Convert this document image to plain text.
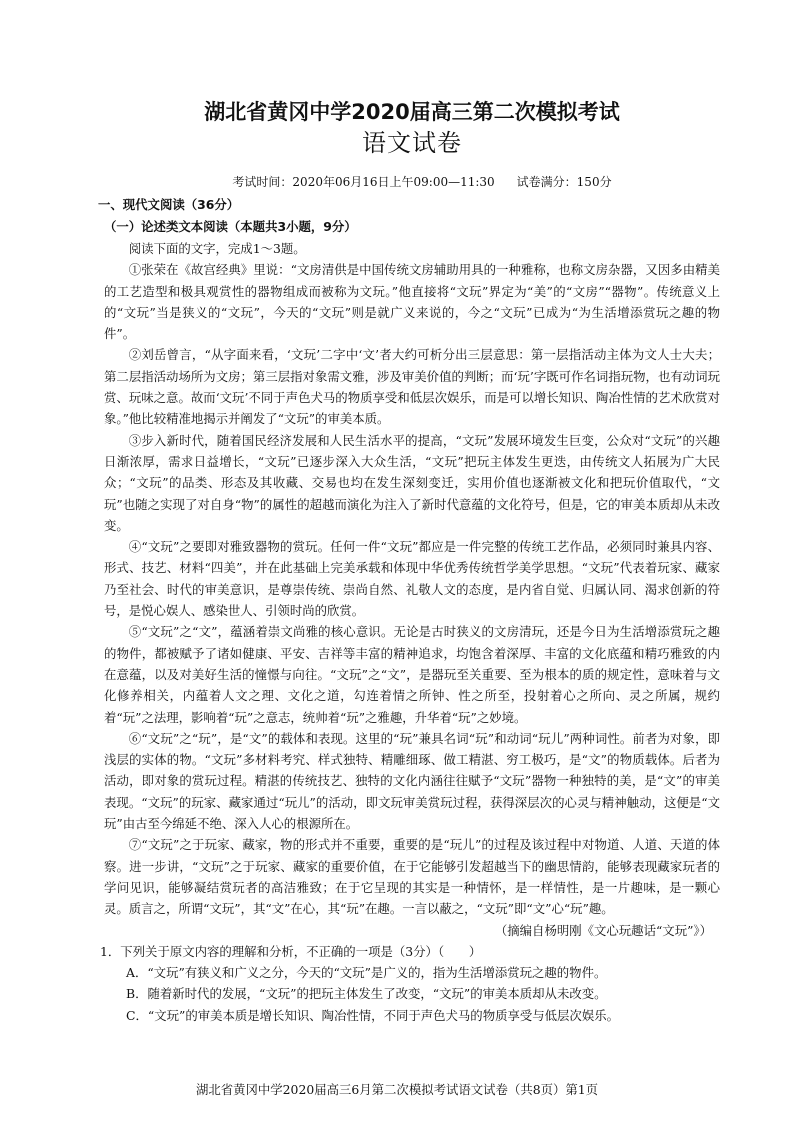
湖北省黄冈中学2020届高三第二次模拟考试
语文试卷
考试时间：2020年06月16日上午09:00—11:30 试卷满分：150分
一、现代文阅读（36分）
（一）论述类文本阅读（本题共3小题，9分）

阅读下面的文字，完成1～3题。

①张荣在《故宫经典》里说：“文房清供是中国传统文房辅助用具的一种雅称，也称文房杂器，又因多由精美的工艺造型和极具观赏性的器物组成而被称为文玩。”他直接将“文玩”界定为“美”的“文房”“器物”。传统意义上的“文玩”当是狭义的“文玩”，今天的“文玩”则是就广义来说的，今之“文玩”已成为“为生活增添赏玩之趣的物件”。

②刘岳曾言，“从字面来看，‘文玩’二字中‘文’者大约可析分出三层意思：第一层指活动主体为文人士大夫；第二层指活动场所为文房；第三层指对象需文雅，涉及审美价值的判断；而‘玩’字既可作名词指玩物，也有动词玩赏、玩味之意。故而‘文玩’不同于声色犬马的物质享受和低层次娱乐，而是可以增长知识、陶冶性情的艺术欣赏对象。”他比较精准地揭示并阐发了“文玩”的审美本质。

③步入新时代，随着国民经济发展和人民生活水平的提高，“文玩”发展环境发生巨变，公众对“文玩”的兴趣日渐浓厚，需求日益增长，“文玩”已逐步深入大众生活，“文玩”把玩主体发生更迭，由传统文人拓展为广大民众；“文玩”的品类、形态及其收藏、交易也均在发生深刻变迁，实用价值也逐渐被文化和把玩价值取代，“文玩”也随之实现了对自身“物”的属性的超越而演化为注入了新时代意蕴的文化符号，但是，它的审美本质却从未改变。

④“文玩”之要即对雅致器物的赏玩。任何一件“文玩”都应是一件完整的传统工艺作品，必须同时兼具内容、形式、技艺、材料“四美”，并在此基础上完美承载和体现中华优秀传统哲学美学思想。“文玩”代表着玩家、藏家乃至社会、时代的审美意识，是尊崇传统、崇尚自然、礼敬人文的态度，是内省自觉、归属认同、渴求创新的符号，是悦心娱人、感染世人、引领时尚的欣赏。

⑤“文玩”之“文”，蕴涵着崇文尚雅的核心意识。无论是古时狭义的文房清玩，还是今日为生活增添赏玩之趣的物件，都被赋予了诸如健康、平安、吉祥等丰富的精神追求，均饱含着深厚、丰富的文化底蕴和精巧雅致的内在意蕴，以及对美好生活的憧憬与向往。“文玩”之“文”，是器玩至关重要、至为根本的质的规定性，意味着与文化修养相关，内蕴着人文之理、文化之道，勾连着情之所钟、性之所至，投射着心之所向、灵之所属，规约着“玩”之法理，影响着“玩”之意志，统帅着“玩”之雅趣，升华着“玩”之妙境。

⑥“文玩”之“玩”，是“文”的载体和表现。这里的“玩”兼具名词“玩”和动词“玩儿”两种词性。前者为对象，即浅层的实体的物。“文玩”多材料考究、样式独特、精雕细琢、做工精湛、穷工极巧，是“文”的物质载体。后者为活动，即对象的赏玩过程。精湛的传统技艺、独特的文化内涵往往赋予“文玩”器物一种独特的美，是“文”的审美表现。“文玩”的玩家、藏家通过“玩儿”的活动，即文玩审美赏玩过程，获得深层次的心灵与精神触动，这便是“文玩”由古至今绵延不绝、深入人心的根源所在。

⑦“文玩”之于玩家、藏家，物的形式并不重要，重要的是“玩儿”的过程及该过程中对物道、人道、天道的体察。进一步讲，“文玩”之于玩家、藏家的重要价值，在于它能够引发超越当下的幽思情韵，能够表现藏家玩者的学问见识，能够凝结赏玩者的高洁雅致；在于它呈现的其实是一种情怀，是一样情性，是一片趣味，是一颗心灵。质言之，所谓“文玩”，其“文”在心，其“玩”在趣。一言以蔽之，“文玩”即“文”心“玩”趣。

（摘编自杨明刚《文心玩趣话“文玩”》）

1．下列关于原文内容的理解和分析，不正确的一项是（3分）（　　）

A．“文玩”有狭义和广义之分，今天的“文玩”是广义的，指为生活增添赏玩之趣的物件。

B．随着新时代的发展，“文玩”的把玩主体发生了改变，“文玩”的审美本质却从未改变。

C．“文玩”的审美本质是增长知识、陶冶性情，不同于声色犬马的物质享受与低层次娱乐。

湖北省黄冈中学2020届高三6月第二次模拟考试语文试卷（共8页）第1页
